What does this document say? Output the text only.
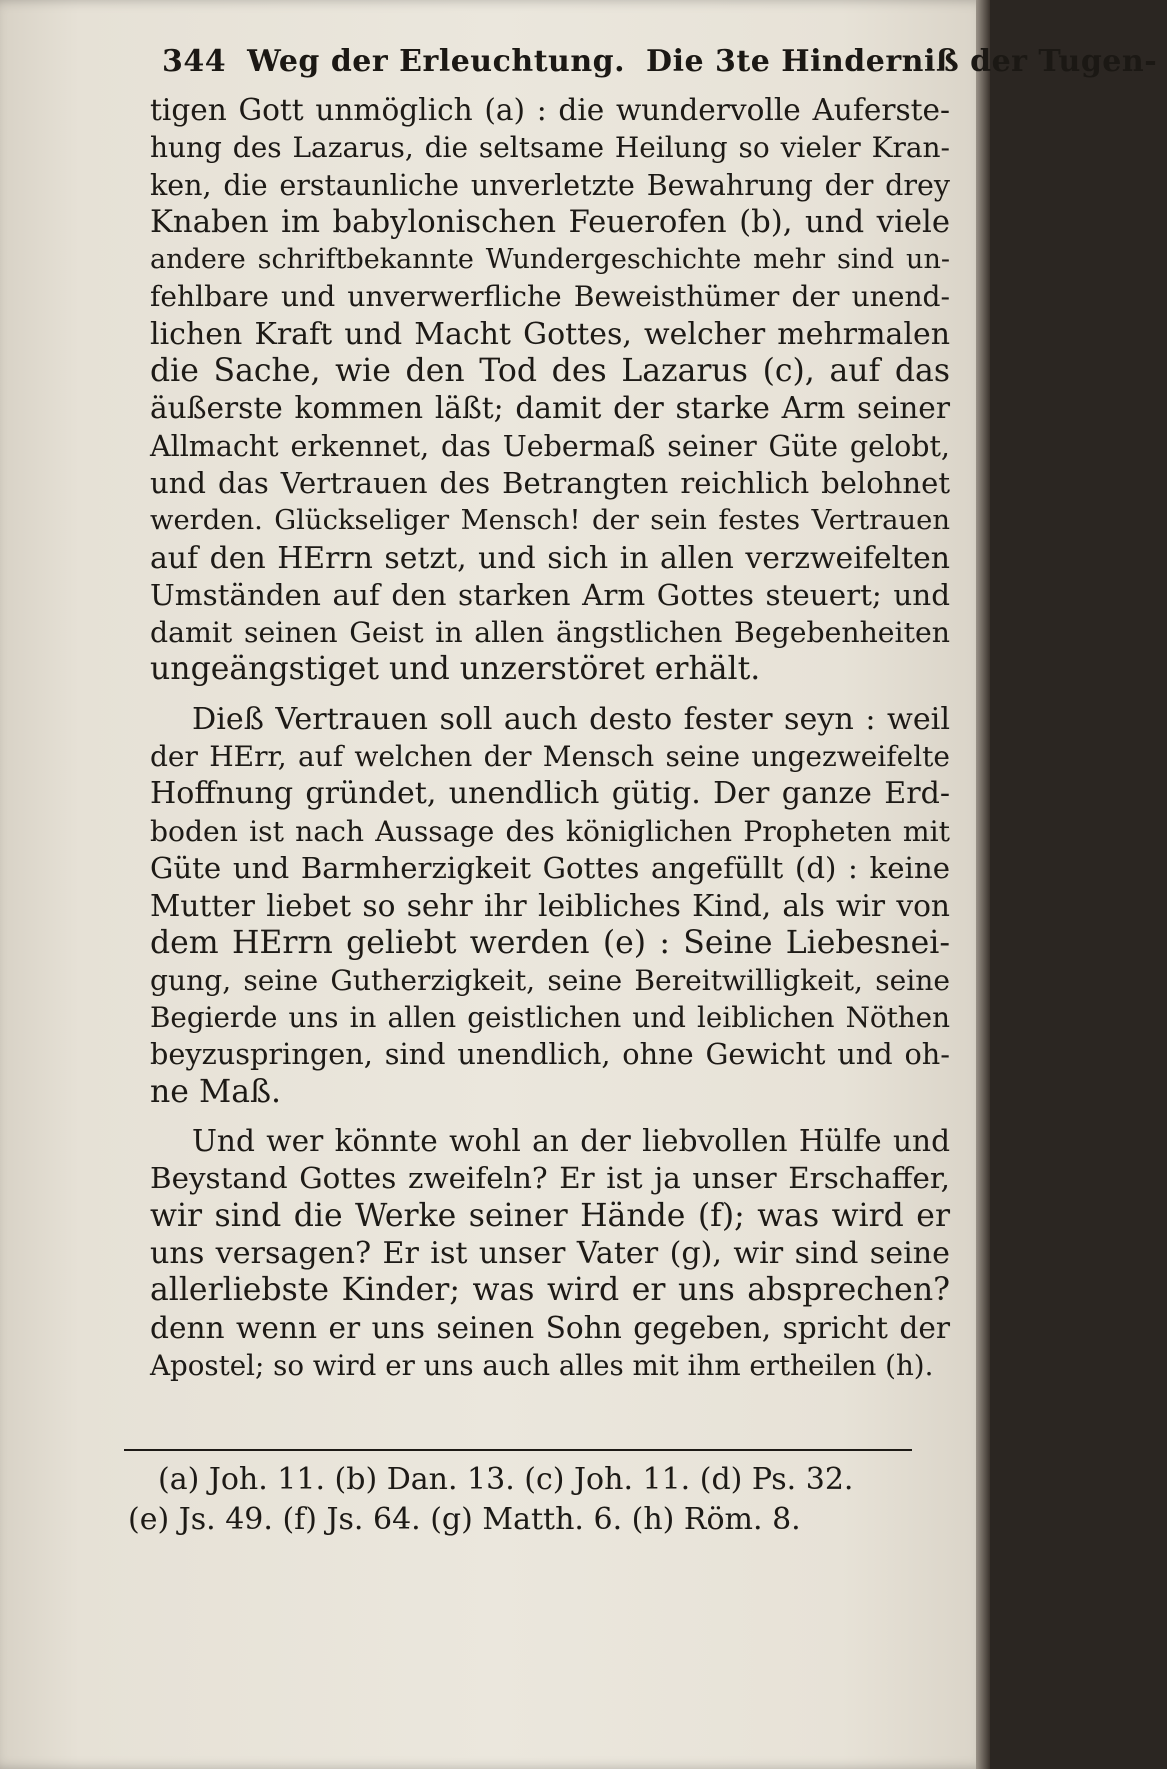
344 Weg der Erleuchtung. Die 3te Hinderniß der Tugen-

tigen Gott unmöglich (a) : die wundervolle Auferste-
hung des Lazarus, die seltsame Heilung so vieler Kran-
ken, die erstaunliche unverletzte Bewahrung der drey
Knaben im babylonischen Feuerofen (b), und viele
andere schriftbekannte Wundergeschichte mehr sind un-
fehlbare und unverwerfliche Beweisthümer der unend-
lichen Kraft und Macht Gottes, welcher mehrmalen
die Sache, wie den Tod des Lazarus (c), auf das
äußerste kommen läßt; damit der starke Arm seiner
Allmacht erkennet, das Uebermaß seiner Güte gelobt,
und das Vertrauen des Betrangten reichlich belohnet
werden. Glückseliger Mensch! der sein festes Vertrauen
auf den HErrn setzt, und sich in allen verzweifelten
Umständen auf den starken Arm Gottes steuert; und
damit seinen Geist in allen ängstlichen Begebenheiten
ungeängstiget und unzerstöret erhält.

Dieß Vertrauen soll auch desto fester seyn : weil
der HErr, auf welchen der Mensch seine ungezweifelte
Hoffnung gründet, unendlich gütig. Der ganze Erd-
boden ist nach Aussage des königlichen Propheten mit
Güte und Barmherzigkeit Gottes angefüllt (d) : keine
Mutter liebet so sehr ihr leibliches Kind, als wir von
dem HErrn geliebt werden (e) : Seine Liebesnei-
gung, seine Gutherzigkeit, seine Bereitwilligkeit, seine
Begierde uns in allen geistlichen und leiblichen Nöthen
beyzuspringen, sind unendlich, ohne Gewicht und oh-
ne Maß.

Und wer könnte wohl an der liebvollen Hülfe und
Beystand Gottes zweifeln? Er ist ja unser Erschaffer,
wir sind die Werke seiner Hände (f); was wird er
uns versagen? Er ist unser Vater (g), wir sind seine
allerliebste Kinder; was wird er uns absprechen?
denn wenn er uns seinen Sohn gegeben, spricht der
Apostel; so wird er uns auch alles mit ihm ertheilen (h).

(a) Joh. 11. (b) Dan. 13. (c) Joh. 11. (d) Ps. 32.
(e) Js. 49. (f) Js. 64. (g) Matth. 6. (h) Röm. 8.
